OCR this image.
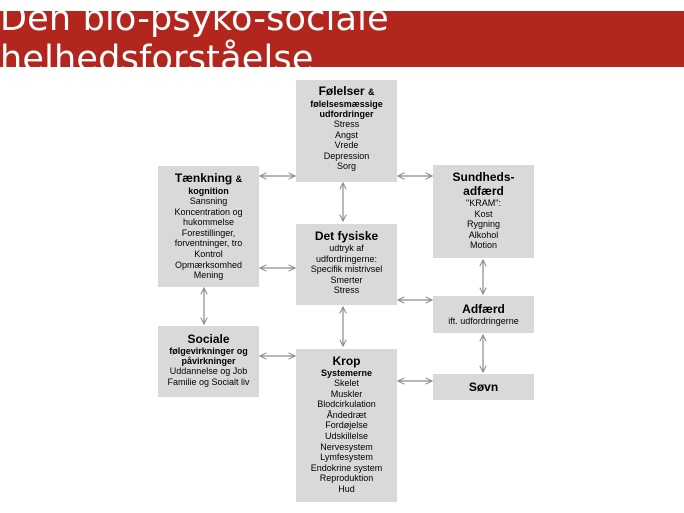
Den bio-psyko-sociale helhedsforståelse
Følelser &
følelsesmæssige udfordringer
Stress
Angst
Vrede
Depression
Sorg
Tænkning &
kognition
Sansning
Koncentration og hukommelse
Forestillinger, forventninger, tro
Kontrol
Opmærksomhed
Mening
Sundheds-adfærd
"KRAM":
Kost
Rygning
Alkohol
Motion
Det fysiske
udtryk af udfordringerne:
Specifik mistrivsel
Smerter
Stress
Adfærd
ift. udfordringerne
Sociale
følgevirkninger og påvirkninger
Uddannelse og Job
Familie og Socialt liv
Krop
Systemerne
Skelet
Muskler
Blodcirkulation
Åndedræt
Fordøjelse
Udskillelse
Nervesystem
Lymfesystem
Endokrine system
Reproduktion
Hud
Søvn
